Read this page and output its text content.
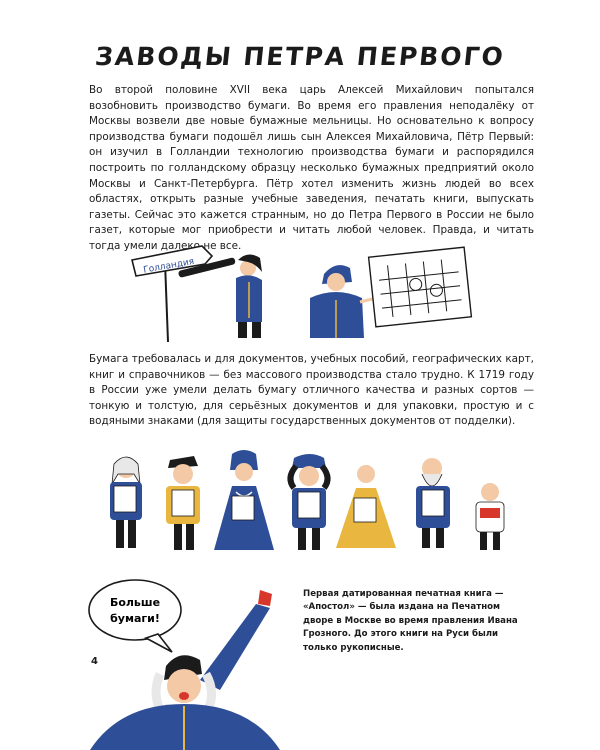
ЗАВОДЫ ПЕТРА ПЕРВОГО

Во второй половине XVII века царь Алексей Михайлович попытался возобновить производство бумаги. Во время его правления неподалёку от Москвы возвели две новые бумажные мельницы. Но основательно к вопросу производства бумаги подошёл лишь сын Алексея Михайловича, Пётр Первый: он изучил в Голландии технологию производства бумаги и распорядился построить по голландскому образцу несколько бумажных предприятий около Москвы и Санкт-Петербурга. Пётр хотел изменить жизнь людей во всех областях, открыть разные учебные заведения, печатать книги, выпускать газеты. Сейчас это кажется странным, но до Петра Первого в России не было газет, которые мог приобрести и читать любой человек. Правда, и читать тогда умели далеко не все.

Голландия

Бумага требовалась и для документов, учебных пособий, географических карт, книг и справочников — без массового производства стало трудно. К 1719 году в России уже умели делать бумагу отличного качества и разных сортов — тонкую и толстую, для серьёзных документов и для упаковки, простую и с водяными знаками (для защиты государственных документов от подделки).

Больше
бумаги!

Первая датированная печатная книга — «Апостол» — была издана на Печатном дворе в Москве во время правления Ивана Грозного. До этого книги на Руси были только рукописные.

4
